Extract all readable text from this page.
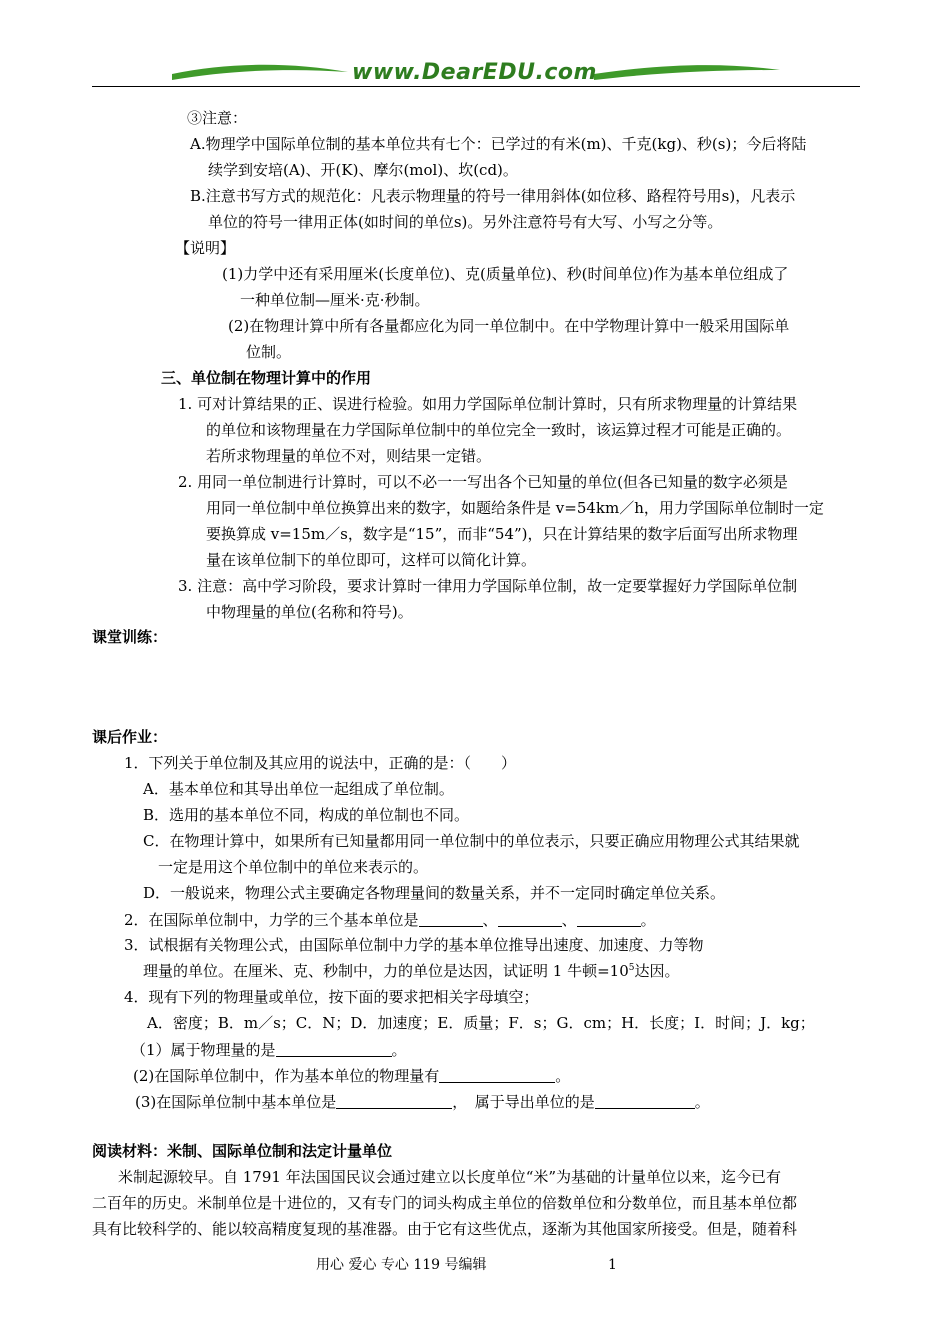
www.DearEDU.com
③注意：
A.物理学中国际单位制的基本单位共有七个：已学过的有米(m)、千克(kg)、秒(s)；今后将陆
续学到安培(A)、开(K)、摩尔(mol)、坎(cd)。
B.注意书写方式的规范化：凡表示物理量的符号一律用斜体(如位移、路程符号用s)，凡表示
单位的符号一律用正体(如时间的单位s)。另外注意符号有大写、小写之分等。
【说明】
(1)力学中还有采用厘米(长度单位)、克(质量单位)、秒(时间单位)作为基本单位组成了
一种单位制—厘米·克·秒制。
(2)在物理计算中所有各量都应化为同一单位制中。在中学物理计算中一般采用国际单
位制。
三、单位制在物理计算中的作用
1. 可对计算结果的正、误进行检验。如用力学国际单位制计算时，只有所求物理量的计算结果
的单位和该物理量在力学国际单位制中的单位完全一致时，该运算过程才可能是正确的。
若所求物理量的单位不对，则结果一定错。
2. 用同一单位制进行计算时，可以不必一一写出各个已知量的单位(但各已知量的数字必须是
用同一单位制中单位换算出来的数字，如题给条件是 v=54km／h，用力学国际单位制时一定
要换算成 v=15m／s，数字是“15”，而非“54”)，只在计算结果的数字后面写出所求物理
量在该单位制下的单位即可，这样可以简化计算。
3. 注意：高中学习阶段，要求计算时一律用力学国际单位制，故一定要掌握好力学国际单位制
中物理量的单位(名称和符号)。
课堂训练：
课后作业：
1．下列关于单位制及其应用的说法中，正确的是：（　　）
A．基本单位和其导出单位一起组成了单位制。
B．选用的基本单位不同，构成的单位制也不同。
C．在物理计算中，如果所有已知量都用同一单位制中的单位表示，只要正确应用物理公式其结果就
一定是用这个单位制中的单位来表示的。
D．一般说来，物理公式主要确定各物理量间的数量关系，并不一定同时确定单位关系。
2．在国际单位制中，力学的三个基本单位是	、	、	。
3．试根据有关物理公式，由国际单位制中力学的基本单位推导出速度、加速度、力等物
理量的单位。在厘米、克、秒制中，力的单位是达因，试证明 1 牛顿$=10^5$达因。
4．现有下列的物理量或单位，按下面的要求把相关字母填空；
A．密度；B．m／s；C．N；D．加速度；E．质量；F．s；G．cm；H．长度；I．时间；J．kg；
（1）属于物理量的是	。
(2)在国际单位制中，作为基本单位的物理量有	。
(3)在国际单位制中基本单位是	，　属于导出单位的是	。
阅读材料：米制、国际单位制和法定计量单位
米制起源较早。自 1791 年法国国民议会通过建立以长度单位“米”为基础的计量单位以来，迄今已有
二百年的历史。米制单位是十进位的，又有专门的词头构成主单位的倍数单位和分数单位，而且基本单位都
具有比较科学的、能以较高精度复现的基准器。由于它有这些优点，逐渐为其他国家所接受。但是，随着科
用心 爱心 专心 119 号编辑	1
